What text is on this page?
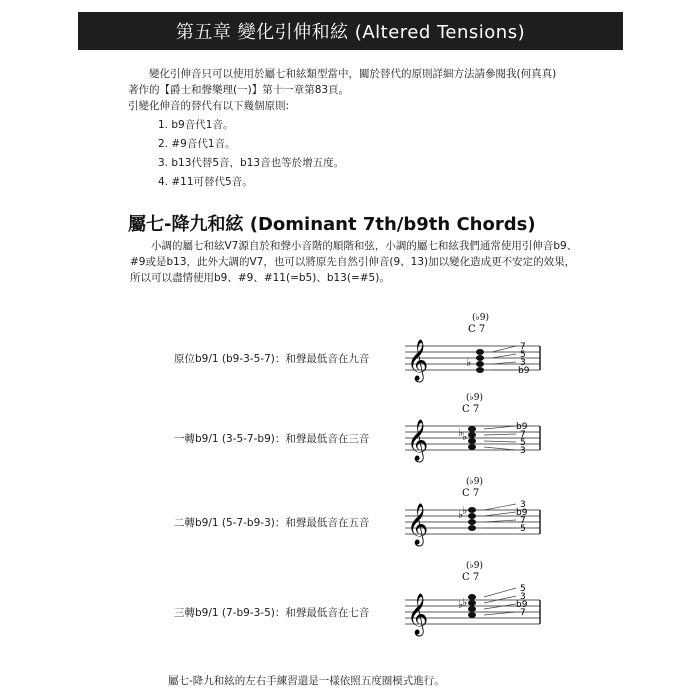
第五章 變化引伸和絃 (Altered Tensions)

變化引伸音只可以使用於屬七和絃類型當中，關於替代的原則詳細方法請參閱我(何真真)

著作的【爵士和聲樂理(一)】第十一章第83頁。

引變化伸音的替代有以下幾個原則:

1. b9音代1音。
2. #9音代1音。
3. b13代替5音，b13音也等於增五度。
4. #11可替代5音。
屬七-降九和絃 (Dominant 7th/b9th Chords)

小調的屬七和絃V7源自於和聲小音階的順階和弦，小調的屬七和絃我們通常使用引伸音b9、

#9或是b13，此外大調的V7，也可以將原先自然引伸音(9、13)加以變化造成更不安定的效果，

所以可以盡情使用b9、#9、#11(=b5)、b13(=#5)。

原位b9/1 (b9-3-5-7)：和聲最低音在九音
一轉b9/1 (3-5-7-b9)：和聲最低音在三音
二轉b9/1 (5-7-b9-3)：和聲最低音在五音
三轉b9/1 (7-b9-3-5)：和聲最低音在七音
(♭9)
C 7
𝄞	♭
7
5
3
b9
(♭9)
C 7
𝄞	♭
♭
b9
7
5
3
(♭9)
C 7
𝄞	♭
♭	3
b9
7
5
(♭9)
C 7
𝄞	♭
♭
5
3
b9
7
屬七-降九和絃的左右手練習還是一樣依照五度圈模式進行。
